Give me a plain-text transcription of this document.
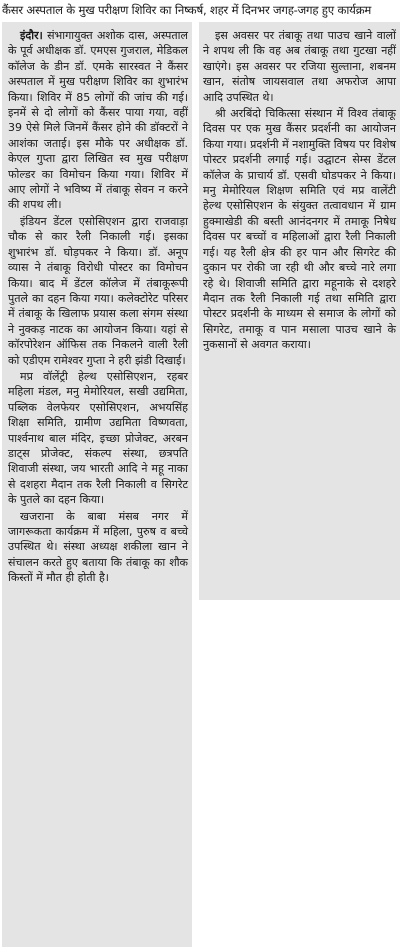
कैंसर अस्पताल के मुख परीक्षण शिविर का निष्कर्ष, शहर में दिनभर जगह-जगह हुए कार्यक्रम

इंदौर। संभागायुक्त अशोक दास, अस्पताल के पूर्व अधीक्षक डॉ. एमएस गुजराल, मेडिकल कॉलेज के डीन डॉ. एमके सारस्वत ने कैंसर अस्पताल में मुख परीक्षण शिविर का शुभारंभ किया। शिविर में 85 लोगों की जांच की गई। इनमें से दो लोगों को कैंसर पाया गया, वहीं 39 ऐसे मिले जिनमें कैंसर होने की डॉक्टरों ने आशंका जताई। इस मौके पर अधीक्षक डॉ. केएल गुप्ता द्वारा लिखित स्व मुख परीक्षण फोल्डर का विमोचन किया गया। शिविर में आए लोगों ने भविष्य में तंबाकू सेवन न करने की शपथ ली।

इंडियन डेंटल एसोसिएशन द्वारा राजवाड़ा चौक से कार रैली निकाली गई। इसका शुभारंभ डॉ. घोड़पकर ने किया। डॉ. अनूप व्यास ने तंबाकू विरोधी पोस्टर का विमोचन किया। बाद में डेंटल कॉलेज में तंबाकूरूपी पुतले का दहन किया गया। कलेक्टोरेट परिसर में तंबाकू के खिलाफ प्रयास कला संगम संस्था ने नुक्कड़ नाटक का आयोजन किया। यहां से कॉरपोरेशन ऑफिस तक निकलने वाली रैली को एडीएम रामेश्वर गुप्ता ने हरी झंडी दिखाई।

मप्र वॉलेंट्री हेल्थ एसोसिएशन, रहबर महिला मंडल, मनु मेमोरियल, सखी उद्यमिता, पब्लिक वेलफेयर एसोसिएशन, अभयसिंह शिक्षा समिति, ग्रामीण उद्यमिता विष्णवता, पार्श्वनाथ बाल मंदिर, इच्छा प्रोजेक्ट, अरबन डाट्स प्रोजेक्ट, संकल्प संस्था, छत्रपति शिवाजी संस्था, जय भारती आदि ने महू नाका से दशहरा मैदान तक रैली निकाली व सिगरेट के पुतले का दहन किया।

खजराना के बाबा मंसब नगर में जागरूकता कार्यक्रम में महिला, पुरुष व बच्चे उपस्थित थे। संस्था अध्यक्ष शकीला खान ने संचालन करते हुए बताया कि तंबाकू का शौक किस्तों में मौत ही होती है।

इस अवसर पर तंबाकू तथा पाउच खाने वालों ने शपथ ली कि वह अब तंबाकू तथा गुटखा नहीं खाएंगे। इस अवसर पर रजिया सुल्ताना, शबनम खान, संतोष जायसवाल तथा अफरोज आपा आदि उपस्थित थे।

श्री अरबिंदो चिकित्सा संस्थान में विश्व तंबाकू दिवस पर एक मुख कैंसर प्रदर्शनी का आयोजन किया गया। प्रदर्शनी में नशामुक्ति विषय पर विशेष पोस्टर प्रदर्शनी लगाई गई। उद्घाटन सेम्स डेंटल कॉलेज के प्राचार्य डॉ. एसवी घोडपकर ने किया। मनु मेमोरियल शिक्षण समिति एवं मप्र वालेंटी हेल्थ एसोसिएशन के संयुक्त तत्वावधान में ग्राम हुक्माखेडी की बस्ती आनंदनगर में तमाकू निषेध दिवस पर बच्चों व महिलाओं द्वारा रैली निकाली गई। यह रैली क्षेत्र की हर पान और सिगरेट की दुकान पर रोकी जा रही थी और बच्चे नारे लगा रहे थे। शिवाजी समिति द्वारा महूनाके से दशहरे मैदान तक रैली निकाली गई तथा समिति द्वारा पोस्टर प्रदर्शनी के माध्यम से समाज के लोगों को सिगरेट, तमाकू व पान मसाला पाउच खाने के नुकसानों से अवगत कराया।
